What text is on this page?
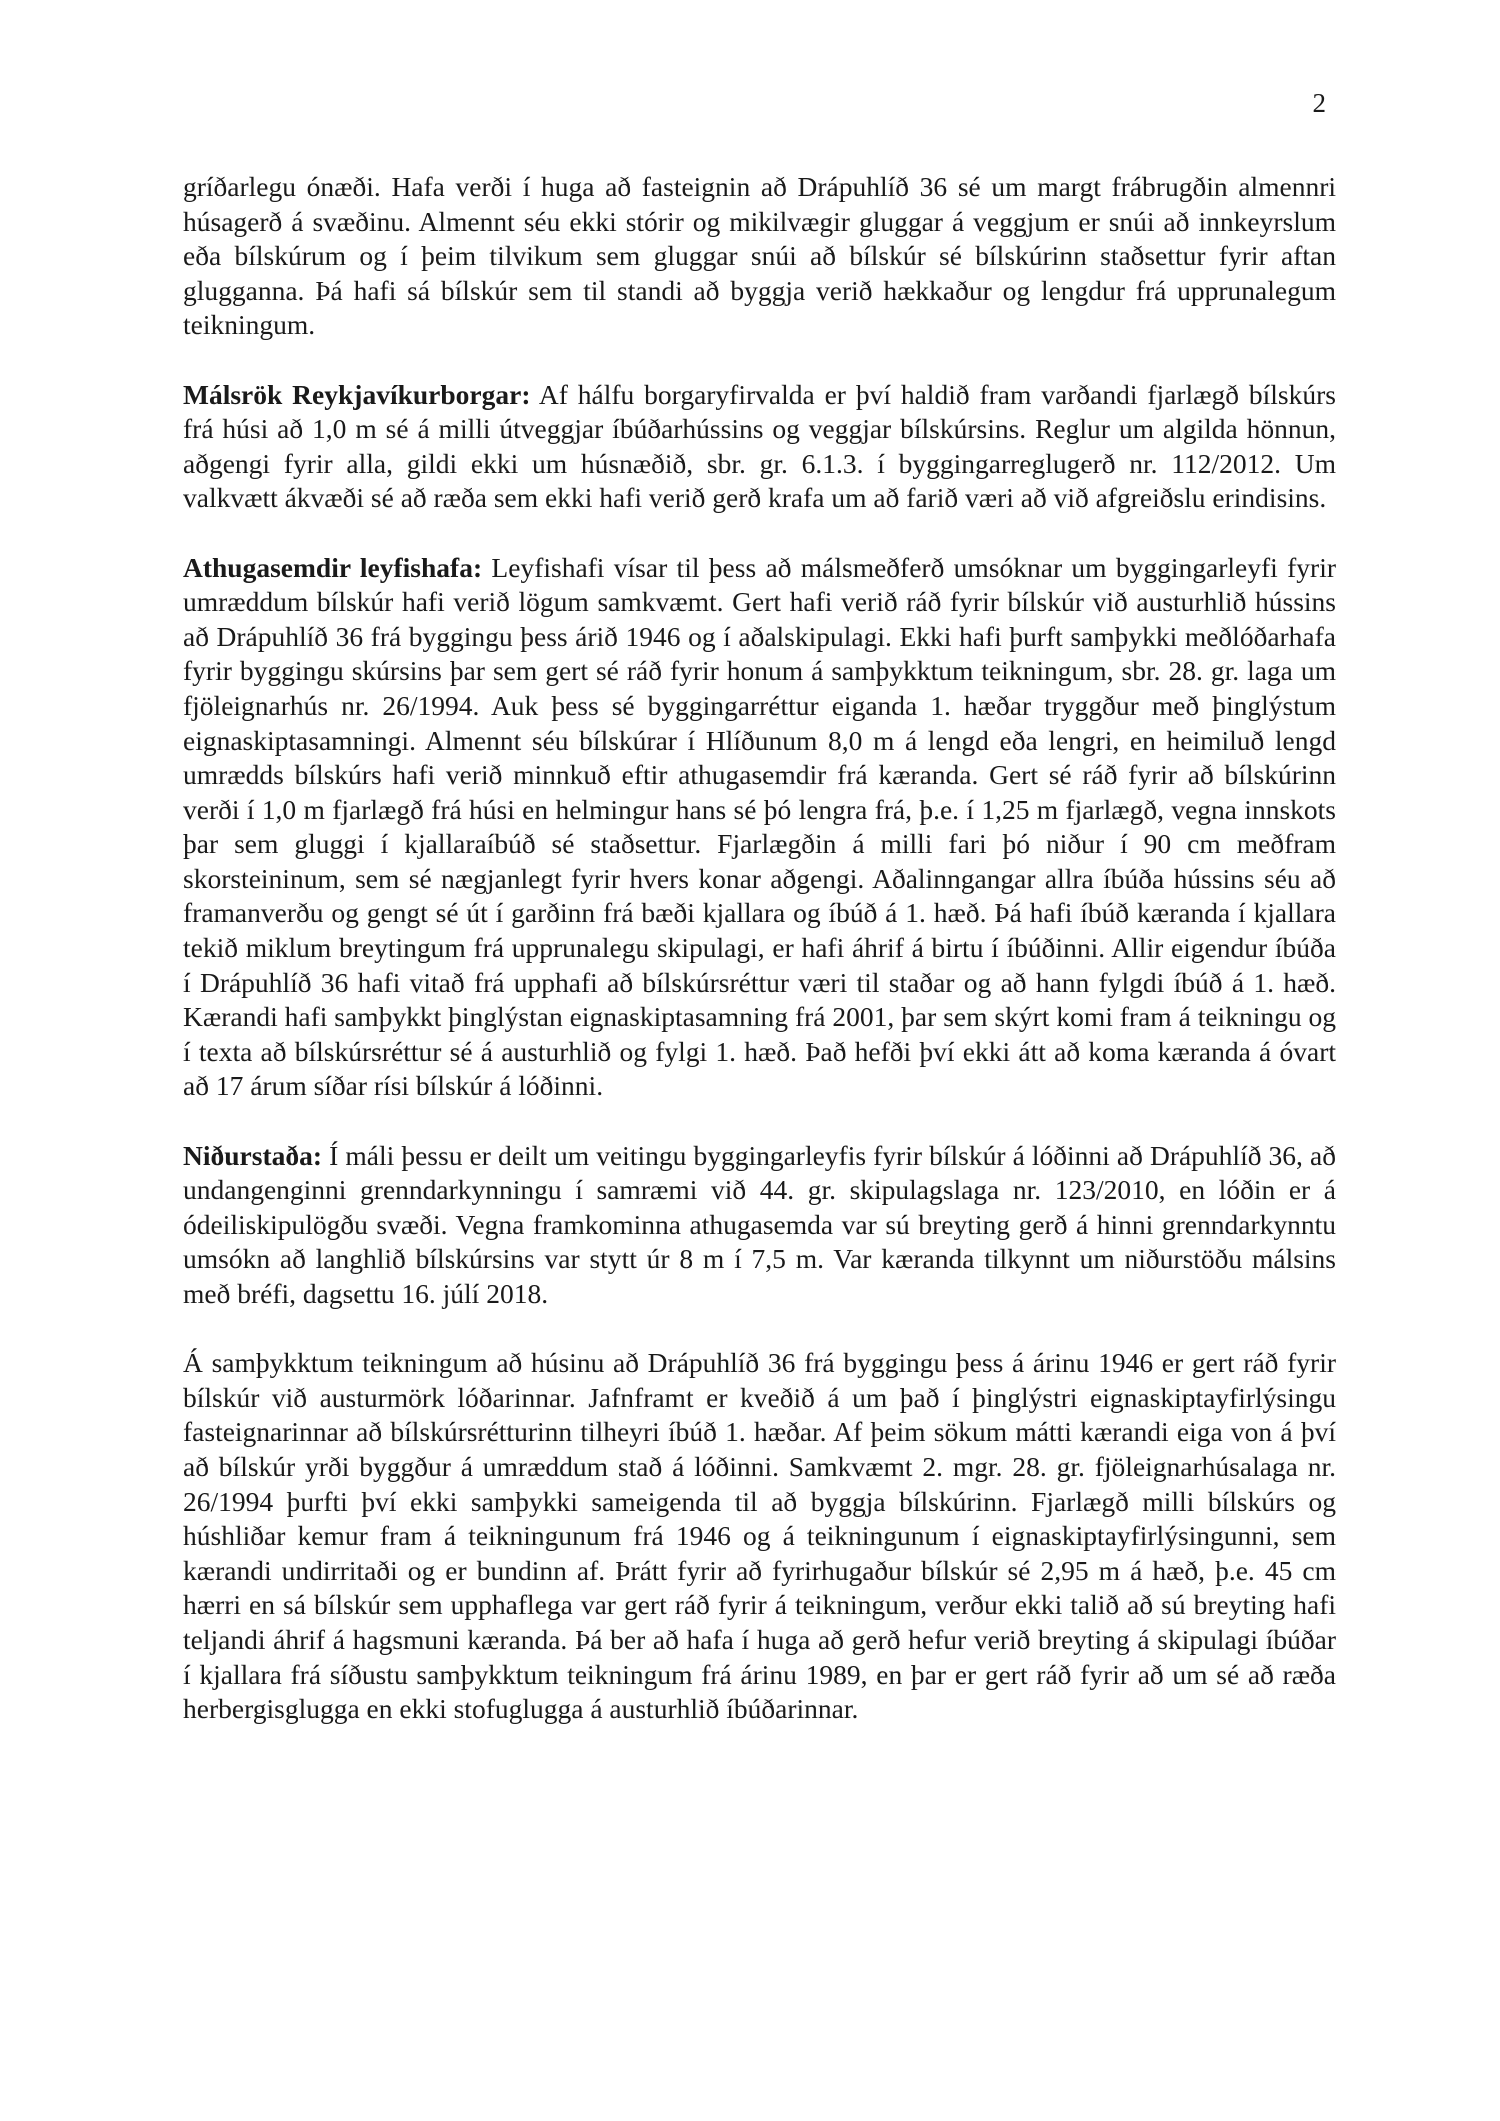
2

gríðarlegu ónæði. Hafa verði í huga að fasteignin að Drápuhlíð 36 sé um margt frábrugðin almennri húsagerð á svæðinu. Almennt séu ekki stórir og mikilvægir gluggar á veggjum er snúi að innkeyrslum eða bílskúrum og í þeim tilvikum sem gluggar snúi að bílskúr sé bílskúrinn staðsettur fyrir aftan glugganna. Þá hafi sá bílskúr sem til standi að byggja verið hækkaður og lengdur frá upprunalegum teikningum.

Málsrök Reykjavíkurborgar: Af hálfu borgaryfirvalda er því haldið fram varðandi fjarlægð bílskúrs frá húsi að 1,0 m sé á milli útveggjar íbúðarhússins og veggjar bílskúrsins. Reglur um algilda hönnun, aðgengi fyrir alla, gildi ekki um húsnæðið, sbr. gr. 6.1.3. í byggingarreglugerð nr. 112/2012. Um valkvætt ákvæði sé að ræða sem ekki hafi verið gerð krafa um að farið væri að við afgreiðslu erindisins.

Athugasemdir leyfishafa: Leyfishafi vísar til þess að málsmeðferð umsóknar um byggingarleyfi fyrir umræddum bílskúr hafi verið lögum samkvæmt. Gert hafi verið ráð fyrir bílskúr við austurhlið hússins að Drápuhlíð 36 frá byggingu þess árið 1946 og í aðalskipulagi. Ekki hafi þurft samþykki meðlóðarhafa fyrir byggingu skúrsins þar sem gert sé ráð fyrir honum á samþykktum teikningum, sbr. 28. gr. laga um fjöleignarhús nr. 26/1994. Auk þess sé byggingarréttur eiganda 1. hæðar tryggður með þinglýstum eignaskiptasamningi. Almennt séu bílskúrar í Hlíðunum 8,0 m á lengd eða lengri, en heimiluð lengd umrædds bílskúrs hafi verið minnkuð eftir athugasemdir frá kæranda. Gert sé ráð fyrir að bílskúrinn verði í 1,0 m fjarlægð frá húsi en helmingur hans sé þó lengra frá, þ.e. í 1,25 m fjarlægð, vegna innskots þar sem gluggi í kjallaraíbúð sé staðsettur. Fjarlægðin á milli fari þó niður í 90 cm meðfram skorsteininum, sem sé nægjanlegt fyrir hvers konar aðgengi. Aðalinngangar allra íbúða hússins séu að framanverðu og gengt sé út í garðinn frá bæði kjallara og íbúð á 1. hæð. Þá hafi íbúð kæranda í kjallara tekið miklum breytingum frá upprunalegu skipulagi, er hafi áhrif á birtu í íbúðinni. Allir eigendur íbúða í Drápuhlíð 36 hafi vitað frá upphafi að bílskúrsréttur væri til staðar og að hann fylgdi íbúð á 1. hæð. Kærandi hafi samþykkt þinglýstan eignaskiptasamning frá 2001, þar sem skýrt komi fram á teikningu og í texta að bílskúrsréttur sé á austurhlið og fylgi 1. hæð. Það hefði því ekki átt að koma kæranda á óvart að 17 árum síðar rísi bílskúr á lóðinni.

Niðurstaða: Í máli þessu er deilt um veitingu byggingarleyfis fyrir bílskúr á lóðinni að Drápuhlíð 36, að undangenginni grenndarkynningu í samræmi við 44. gr. skipulagslaga nr. 123/2010, en lóðin er á ódeiliskipulögðu svæði. Vegna framkominna athugasemda var sú breyting gerð á hinni grenndarkynntu umsókn að langhlið bílskúrsins var stytt úr 8 m í 7,5 m. Var kæranda tilkynnt um niðurstöðu málsins með bréfi, dagsettu 16. júlí 2018.

Á samþykktum teikningum að húsinu að Drápuhlíð 36 frá byggingu þess á árinu 1946 er gert ráð fyrir bílskúr við austurmörk lóðarinnar. Jafnframt er kveðið á um það í þinglýstri eignaskiptayfirlýsingu fasteignarinnar að bílskúrsrétturinn tilheyri íbúð 1. hæðar. Af þeim sökum mátti kærandi eiga von á því að bílskúr yrði byggður á umræddum stað á lóðinni. Samkvæmt 2. mgr. 28. gr. fjöleignarhúsalaga nr. 26/1994 þurfti því ekki samþykki sameigenda til að byggja bílskúrinn. Fjarlægð milli bílskúrs og húshliðar kemur fram á teikningunum frá 1946 og á teikningunum í eignaskiptayfirlýsingunni, sem kærandi undirritaði og er bundinn af. Þrátt fyrir að fyrirhugaður bílskúr sé 2,95 m á hæð, þ.e. 45 cm hærri en sá bílskúr sem upphaflega var gert ráð fyrir á teikningum, verður ekki talið að sú breyting hafi teljandi áhrif á hagsmuni kæranda. Þá ber að hafa í huga að gerð hefur verið breyting á skipulagi íbúðar í kjallara frá síðustu samþykktum teikningum frá árinu 1989, en þar er gert ráð fyrir að um sé að ræða herbergisglugga en ekki stofuglugga á austurhlið íbúðarinnar.
